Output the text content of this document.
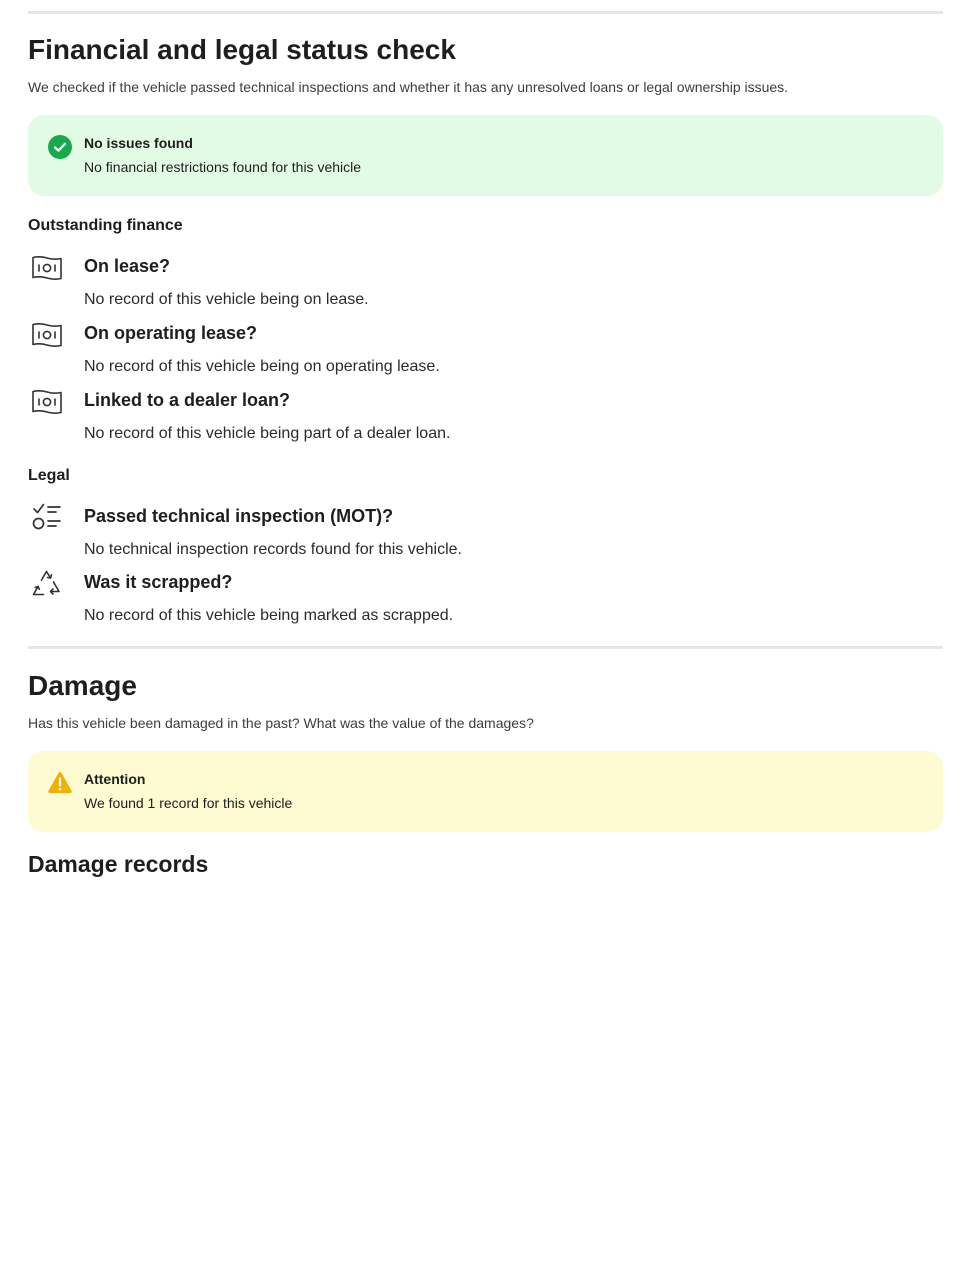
Financial and legal status check

We checked if the vehicle passed technical inspections and whether it has any unresolved loans or legal ownership issues.

No issues found
No financial restrictions found for this vehicle
Outstanding finance
On lease?
No record of this vehicle being on lease.
On operating lease?
No record of this vehicle being on operating lease.
Linked to a dealer loan?
No record of this vehicle being part of a dealer loan.
Legal
Passed technical inspection (MOT)?
No technical inspection records found for this vehicle.
Was it scrapped?
No record of this vehicle being marked as scrapped.
Damage

Has this vehicle been damaged in the past? What was the value of the damages?

Attention
We found 1 record for this vehicle
Damage records
